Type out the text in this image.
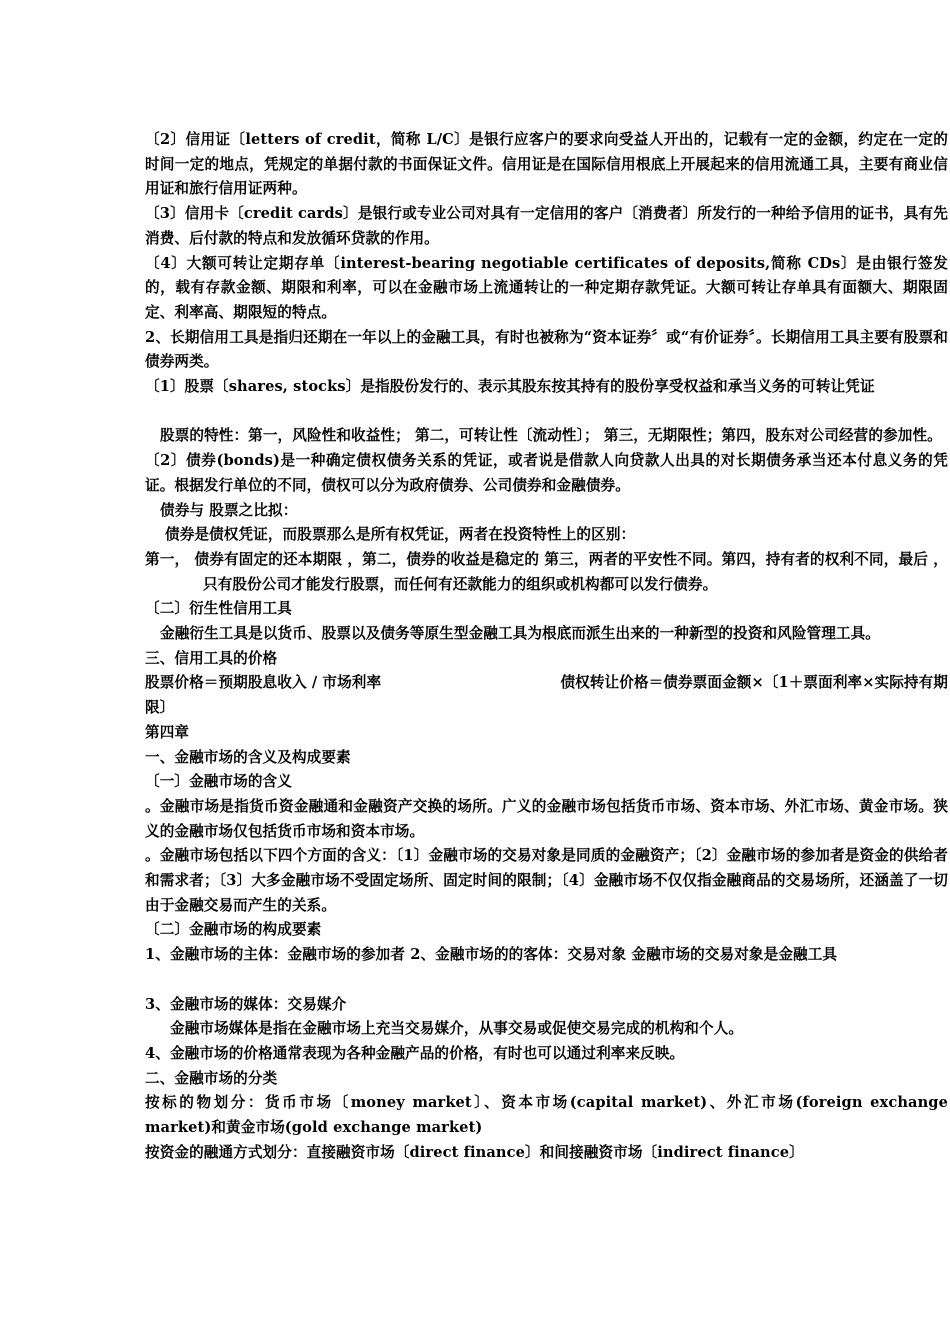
〔2〕信用证〔letters of credit，简称 L/C〕是银行应客户的要求向受益人开出的，记载有一定的金额，约定在一定的时间一定的地点，凭规定的单据付款的书面保证文件。信用证是在国际信用根底上开展起来的信用流通工具，主要有商业信用证和旅行信用证两种。

〔3〕信用卡〔credit cards〕是银行或专业公司对具有一定信用的客户〔消费者〕所发行的一种给予信用的证书，具有先消费、后付款的特点和发放循环贷款的作用。

〔4〕大额可转让定期存单〔interest-bearing negotiable certificates of deposits,简称 CDs〕是由银行签发的，载有存款金额、期限和利率，可以在金融市场上流通转让的一种定期存款凭证。大额可转让存单具有面额大、期限固定、利率高、期限短的特点。

2、长期信用工具是指归还期在一年以上的金融工具，有时也被称为“资本证券〞或“有价证券〞。长期信用工具主要有股票和债券两类。

〔1〕股票〔shares, stocks〕是指股份发行的、表示其股东按其持有的股份享受权益和承当义务的可转让凭证

股票的特性：第一，风险性和收益性； 第二，可转让性〔流动性〕； 第三，无期限性；第四，股东对公司经营的参加性。

〔2〕债券(bonds)是一种确定债权债务关系的凭证，或者说是借款人向贷款人出具的对长期债务承当还本付息义务的凭证。根据发行单位的不同，债权可以分为政府债券、公司债券和金融债券。

债券与 股票之比拟：

债券是债权凭证，而股票那么是所有权凭证，两者在投资特性上的区别：

第一， 债券有固定的还本期限 ，第二，债券的收益是稳定的 第三，两者的平安性不同。第四，持有者的权利不同，最后 ，只有股份公司才能发行股票，而任何有还款能力的组织或机构都可以发行债券。

〔二〕衍生性信用工具

金融衍生工具是以货币、股票以及债务等原生型金融工具为根底而派生出来的一种新型的投资和风险管理工具。

三、信用工具的价格

股票价格＝预期股息收入 / 市场利率	债权转让价格＝债券票面金额×〔1＋票面利率×实际持有期

限〕

第四章

一、金融市场的含义及构成要素

〔一〕金融市场的含义

。金融市场是指货币资金融通和金融资产交换的场所。广义的金融市场包括货币市场、资本市场、外汇市场、黄金市场。狭义的金融市场仅包括货币市场和资本市场。

。金融市场包括以下四个方面的含义：〔1〕金融市场的交易对象是同质的金融资产；〔2〕金融市场的参加者是资金的供给者和需求者；〔3〕大多金融市场不受固定场所、固定时间的限制；〔4〕金融市场不仅仅指金融商品的交易场所，还涵盖了一切由于金融交易而产生的关系。

〔二〕金融市场的构成要素

1、金融市场的主体：金融市场的参加者 2、金融市场的的客体：交易对象 金融市场的交易对象是金融工具

3、金融市场的媒体：交易媒介

金融市场媒体是指在金融市场上充当交易媒介，从事交易或促使交易完成的机构和个人。

4、金融市场的价格通常表现为各种金融产品的价格，有时也可以通过利率来反映。

二、金融市场的分类

按标的物划分：货币市场〔money market〕、资本市场(capital market)、外汇市场(foreign exchange market)和黄金市场(gold exchange market)

按资金的融通方式划分：直接融资市场〔direct finance〕和间接融资市场〔indirect finance〕
